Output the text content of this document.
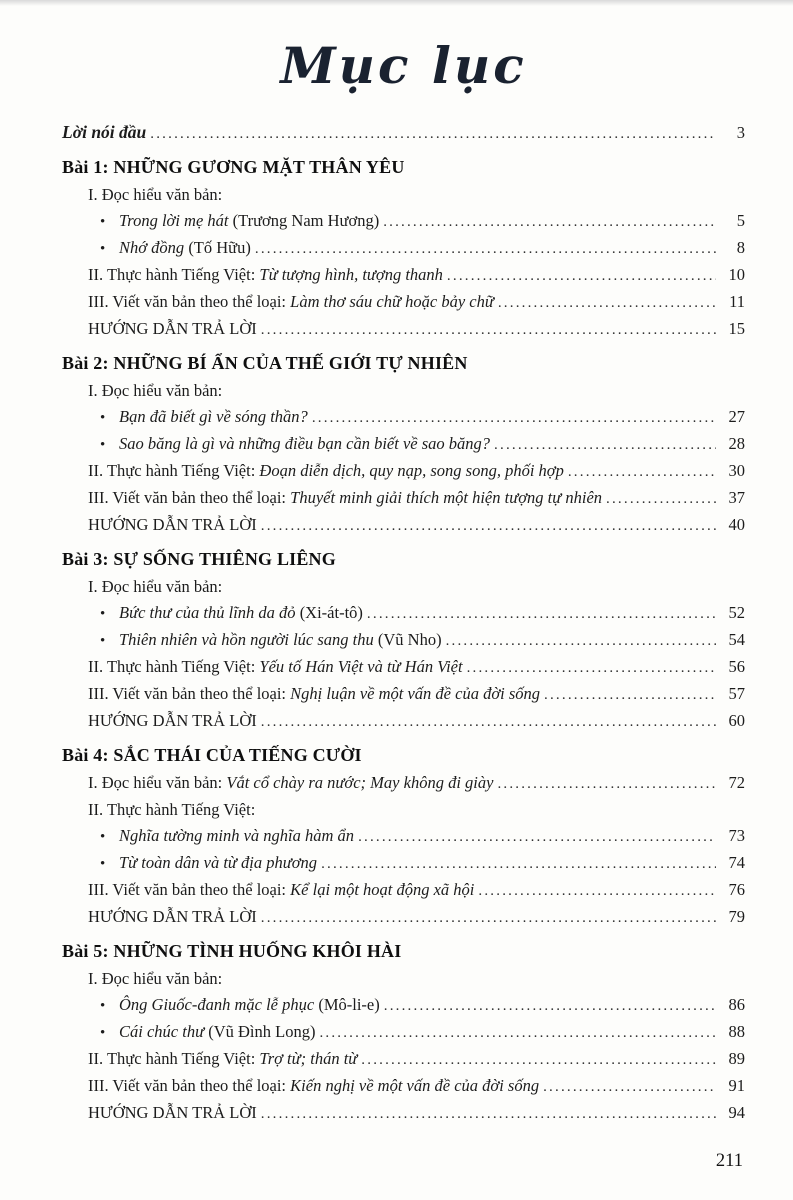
Mục lục
Lời nói đầu .....	3
Bài 1: NHỮNG GƯƠNG MẶT THÂN YÊU
I. Đọc hiểu văn bản:
• Trong lời mẹ hát (Trương Nam Hương) .....	5
• Nhớ đồng (Tố Hữu) .....	8
II. Thực hành Tiếng Việt: Từ tượng hình, tượng thanh .....	10
III. Viết văn bản theo thể loại: Làm thơ sáu chữ hoặc bảy chữ .....	11
HƯỚNG DẪN TRẢ LỜI .....	15
Bài 2: NHỮNG BÍ ẨN CỦA THẾ GIỚI TỰ NHIÊN
I. Đọc hiểu văn bản:
• Bạn đã biết gì về sóng thần? .....	27
• Sao băng là gì và những điều bạn cần biết về sao băng? .....	28
II. Thực hành Tiếng Việt: Đoạn diễn dịch, quy nạp, song song, phối hợp .....	30
III. Viết văn bản theo thể loại: Thuyết minh giải thích một hiện tượng tự nhiên .....	37
HƯỚNG DẪN TRẢ LỜI .....	40
Bài 3: SỰ SỐNG THIÊNG LIÊNG
I. Đọc hiểu văn bản:
• Bức thư của thủ lĩnh da đỏ (Xi-át-tô) .....	52
• Thiên nhiên và hồn người lúc sang thu (Vũ Nho) .....	54
II. Thực hành Tiếng Việt: Yếu tố Hán Việt và từ Hán Việt .....	56
III. Viết văn bản theo thể loại: Nghị luận về một vấn đề của đời sống .....	57
HƯỚNG DẪN TRẢ LỜI .....	60
Bài 4: SẮC THÁI CỦA TIẾNG CƯỜI
I. Đọc hiểu văn bản: Vắt cổ chày ra nước; May không đi giày .....	72
II. Thực hành Tiếng Việt:
• Nghĩa tường minh và nghĩa hàm ẩn .....	73
• Từ toàn dân và từ địa phương .....	74
III. Viết văn bản theo thể loại: Kể lại một hoạt động xã hội .....	76
HƯỚNG DẪN TRẢ LỜI .....	79
Bài 5: NHỮNG TÌNH HUỐNG KHÔI HÀI
I. Đọc hiểu văn bản:
• Ông Giuốc-đanh mặc lễ phục (Mô-li-e) .....	86
• Cái chúc thư (Vũ Đình Long) .....	88
II. Thực hành Tiếng Việt: Trợ từ; thán từ .....	89
III. Viết văn bản theo thể loại: Kiến nghị về một vấn đề của đời sống .....	91
HƯỚNG DẪN TRẢ LỜI .....	94
211
